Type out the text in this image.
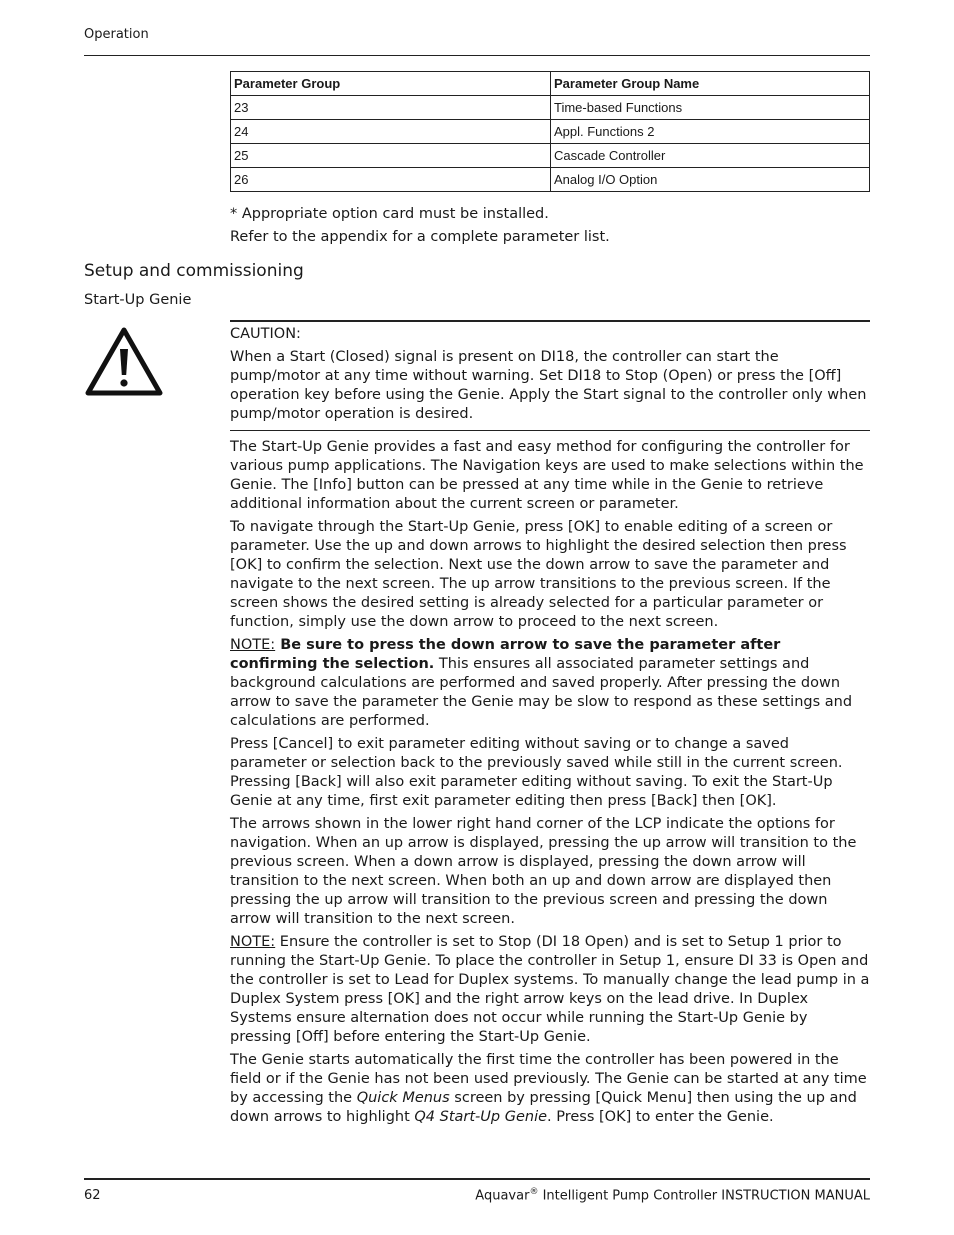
Operation
Parameter Group	Parameter Group Name
23	Time-based Functions
24	Appl. Functions 2
25	Cascade Controller
26	Analog I/O Option
* Appropriate option card must be installed.
Refer to the appendix for a complete parameter list.
Setup and commissioning
Start-Up Genie
CAUTION:
When a Start (Closed) signal is present on DI18, the controller can start the pump/motor at any time without warning. Set DI18 to Stop (Open) or press the [Off] operation key before using the Genie. Apply the Start signal to the controller only when pump/motor operation is desired.

The Start-Up Genie provides a fast and easy method for configuring the controller for various pump applications. The Navigation keys are used to make selections within the Genie. The [Info] button can be pressed at any time while in the Genie to retrieve additional information about the current screen or parameter.

To navigate through the Start-Up Genie, press [OK] to enable editing of a screen or parameter. Use the up and down arrows to highlight the desired selection then press [OK] to confirm the selection. Next use the down arrow to save the parameter and navigate to the next screen. The up arrow transitions to the previous screen. If the screen shows the desired setting is already selected for a particular parameter or function, simply use the down arrow to proceed to the next screen.

NOTE: Be sure to press the down arrow to save the parameter after confirming the selection. This ensures all associated parameter settings and background calculations are performed and saved properly. After pressing the down arrow to save the parameter the Genie may be slow to respond as these settings and calculations are performed.

Press [Cancel] to exit parameter editing without saving or to change a saved parameter or selection back to the previously saved while still in the current screen. Pressing [Back] will also exit parameter editing without saving. To exit the Start-Up Genie at any time, first exit parameter editing then press [Back] then [OK].

The arrows shown in the lower right hand corner of the LCP indicate the options for navigation. When an up arrow is displayed, pressing the up arrow will transition to the previous screen. When a down arrow is displayed, pressing the down arrow will transition to the next screen. When both an up and down arrow are displayed then pressing the up arrow will transition to the previous screen and pressing the down arrow will transition to the next screen.

NOTE: Ensure the controller is set to Stop (DI 18 Open) and is set to Setup 1 prior to running the Start-Up Genie. To place the controller in Setup 1, ensure DI 33 is Open and the controller is set to Lead for Duplex systems. To manually change the lead pump in a Duplex System press [OK] and the right arrow keys on the lead drive. In Duplex Systems ensure alternation does not occur while running the Start-Up Genie by pressing [Off] before entering the Start-Up Genie.

The Genie starts automatically the first time the controller has been powered in the field or if the Genie has not been used previously. The Genie can be started at any time by accessing the Quick Menus screen by pressing [Quick Menu] then using the up and down arrows to highlight Q4 Start-Up Genie. Press [OK] to enter the Genie.

62	Aquavar® Intelligent Pump Controller INSTRUCTION MANUAL
